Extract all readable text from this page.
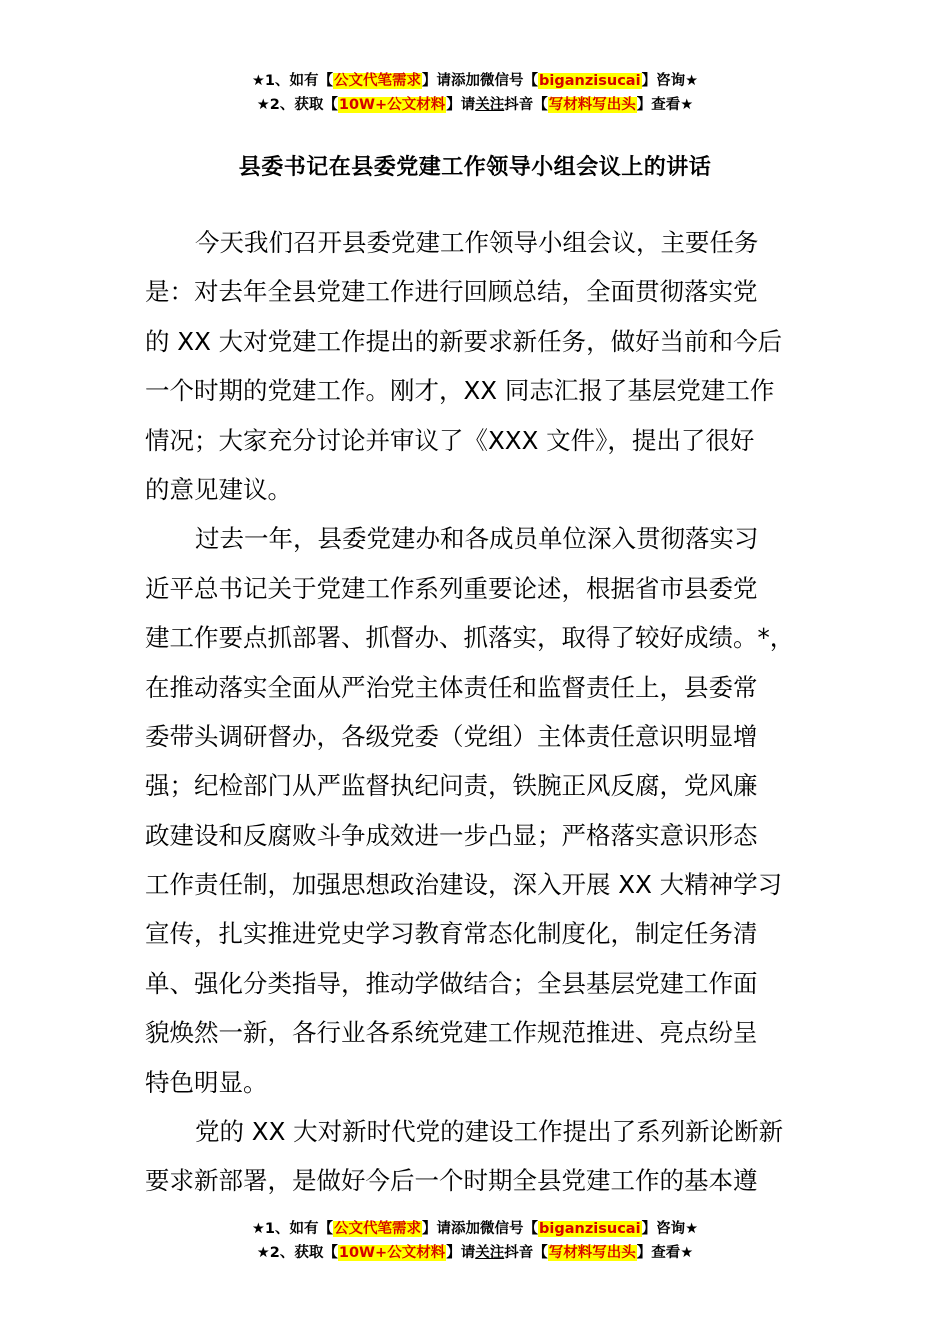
★1、如有【公文代笔需求】请添加微信号【biganzisucai】咨询★
★2、获取【10W+公文材料】请关注抖音【写材料写出头】查看★
县委书记在县委党建工作领导小组会议上的讲话
今天我们召开县委党建工作领导小组会议，主要任务
是：对去年全县党建工作进行回顾总结，全面贯彻落实党
的 XX 大对党建工作提出的新要求新任务，做好当前和今后
一个时期的党建工作。刚才，XX 同志汇报了基层党建工作
情况；大家充分讨论并审议了《XXX 文件》，提出了很好
的意见建议。
过去一年，县委党建办和各成员单位深入贯彻落实习
近平总书记关于党建工作系列重要论述，根据省市县委党
建工作要点抓部署、抓督办、抓落实，取得了较好成绩。*，
在推动落实全面从严治党主体责任和监督责任上，县委常
委带头调研督办，各级党委（党组）主体责任意识明显增
强；纪检部门从严监督执纪问责，铁腕正风反腐，党风廉
政建设和反腐败斗争成效进一步凸显；严格落实意识形态
工作责任制，加强思想政治建设，深入开展 XX 大精神学习
宣传，扎实推进党史学习教育常态化制度化，制定任务清
单、强化分类指导，推动学做结合；全县基层党建工作面
貌焕然一新，各行业各系统党建工作规范推进、亮点纷呈
特色明显。
党的 XX 大对新时代党的建设工作提出了系列新论断新
要求新部署，是做好今后一个时期全县党建工作的基本遵
★1、如有【公文代笔需求】请添加微信号【biganzisucai】咨询★
★2、获取【10W+公文材料】请关注抖音【写材料写出头】查看★
